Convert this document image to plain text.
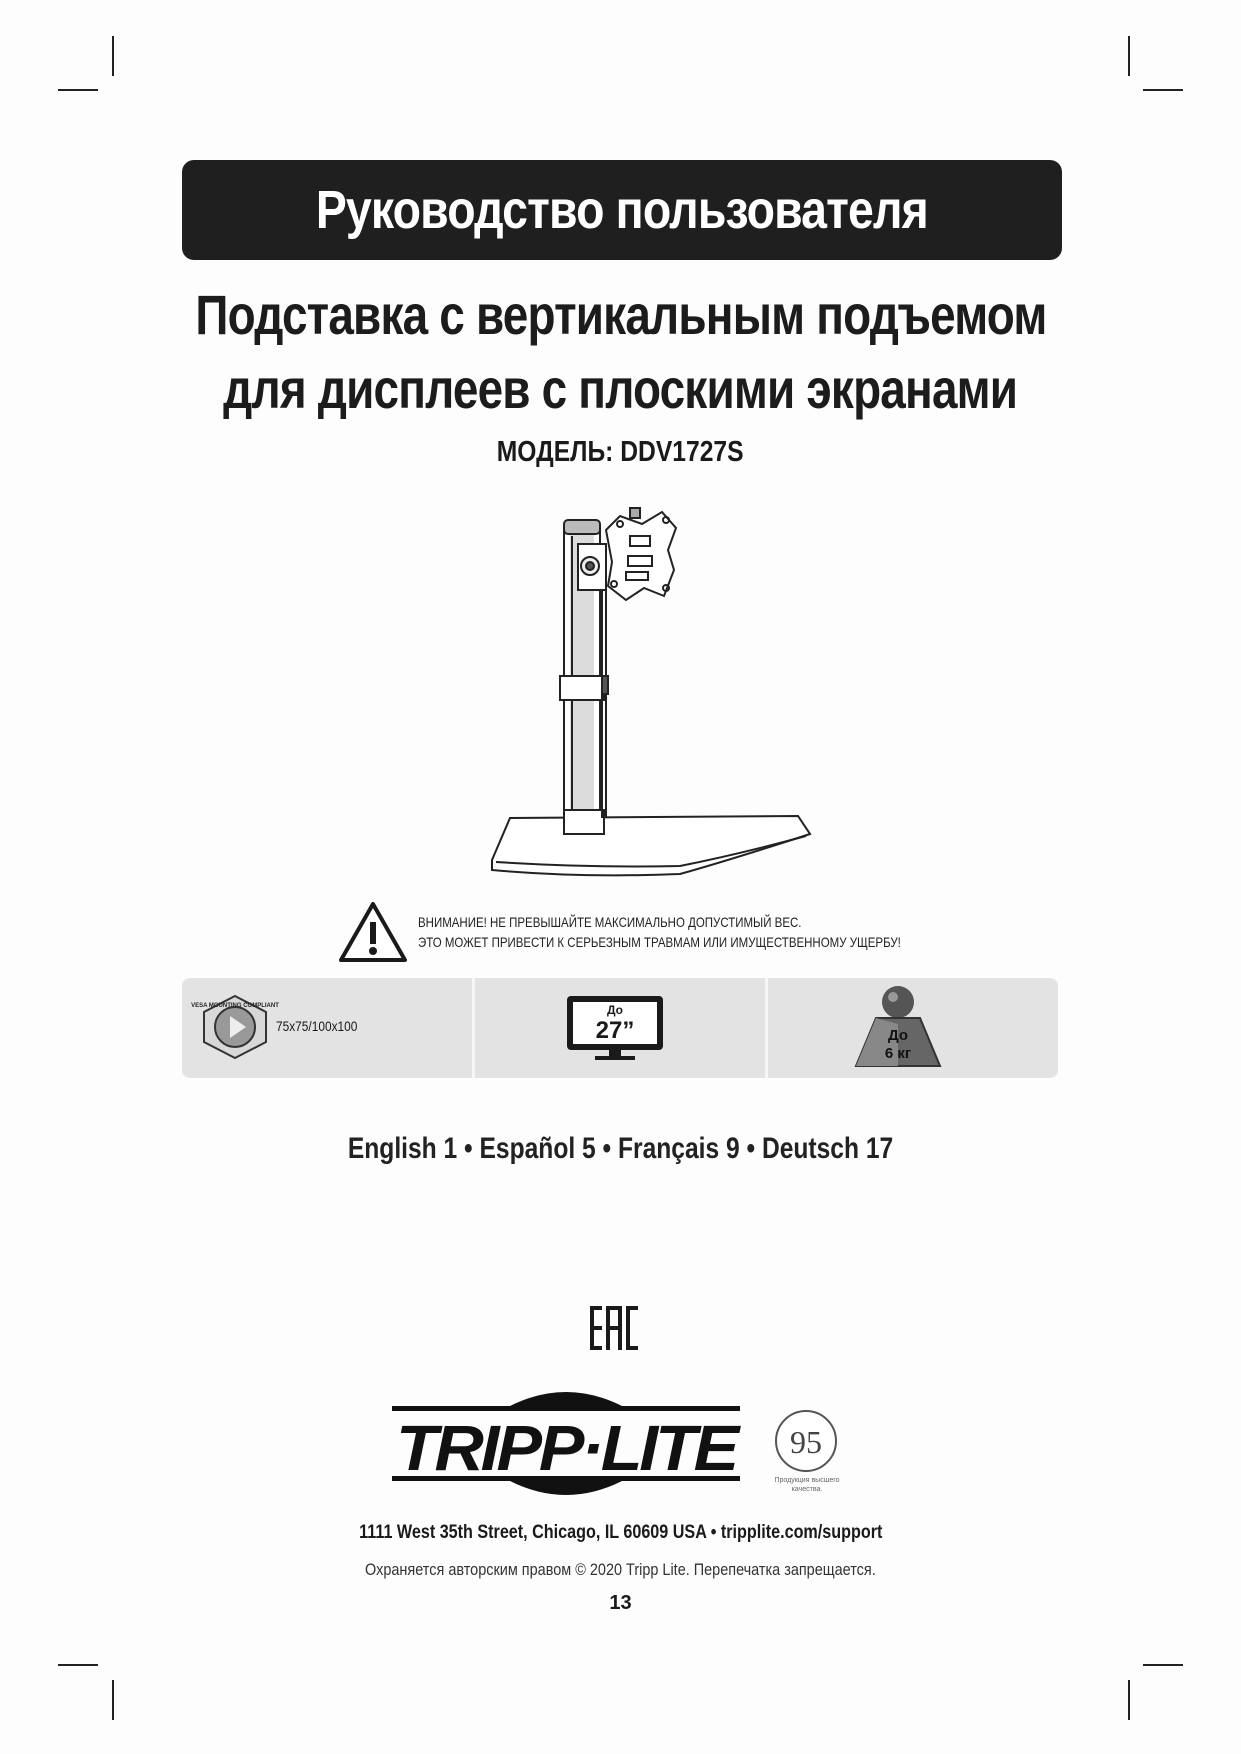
Руководство пользователя
Подставка с вертикальным подъемом
для дисплеев с плоскими экранами
МОДЕЛЬ: DDV1727S
ВНИМАНИЕ! НЕ ПРЕВЫШАЙТЕ МАКСИМАЛЬНО ДОПУСТИМЫЙ ВЕС.
ЭТО МОЖЕТ ПРИВЕСТИ К СЕРЬЕЗНЫМ ТРАВМАМ ИЛИ ИМУЩЕСТВЕННОМУ УЩЕРБУ!
VESA MOUNTING COMPLIANT
75x75/100x100
До
27”	До
6 кг
English 1 • Español 5 • Français 9 • Deutsch 17
TRIPP·LITE 95
Продукция высшего
качества.
1111 West 35th Street, Chicago, IL 60609 USA • tripplite.com/support
Охраняется авторским правом © 2020 Tripp Lite. Перепечатка запрещается.
13
